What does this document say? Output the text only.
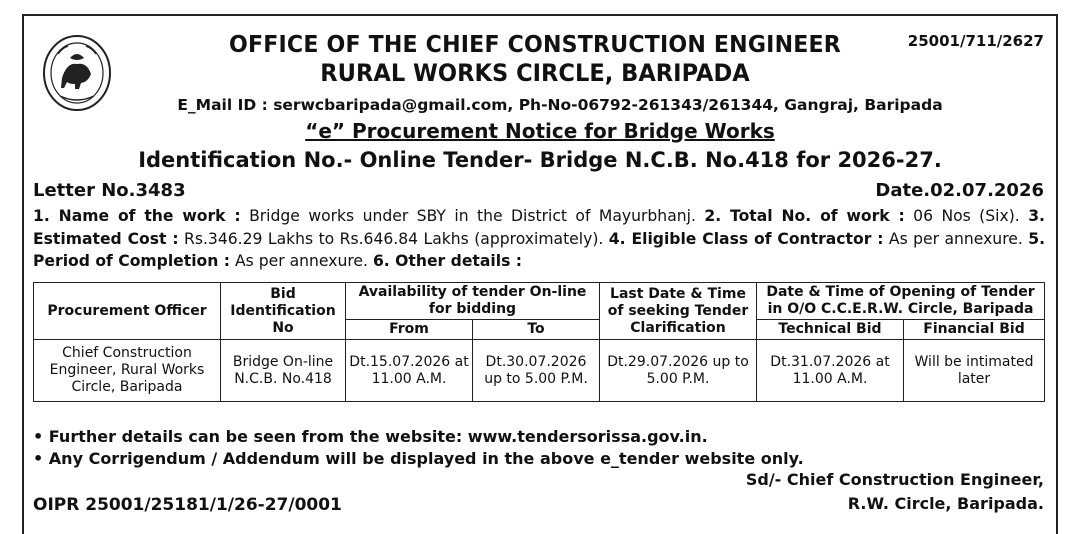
25001/711/2627
OFFICE OF THE CHIEF CONSTRUCTION ENGINEER
RURAL WORKS CIRCLE, BARIPADA
E_Mail ID : serwcbaripada@gmail.com, Ph-No-06792-261343/261344, Gangraj, Baripada
“e” Procurement Notice for Bridge Works
Identification No.- Online Tender- Bridge N.C.B. No.418 for 2026-27.
Letter No.3483	Date.02.07.2026
1. Name of the work : Bridge works under SBY in the District of Mayurbhanj. 2. Total No. of work : 06 Nos (Six). 3. Estimated Cost : Rs.346.29 Lakhs to Rs.646.84 Lakhs (approximately). 4. Eligible Class of Contractor : As per annexure. 5. Period of Completion : As per annexure. 6. Other details :
Procurement Officer	Bid Identification No	Availability of tender On-line for bidding		Last Date & Time of seeking Tender Clarification	Date & Time of Opening of Tender in O/O C.C.E.R.W. Circle, Baripada	
		From	To		Technical Bid	Financial Bid
Chief Construction Engineer, Rural Works Circle, Baripada	Bridge On-line N.C.B. No.418	Dt.15.07.2026 at 11.00 A.M.	Dt.30.07.2026 up to 5.00 P.M.	Dt.29.07.2026 up to 5.00 P.M.	Dt.31.07.2026 at 11.00 A.M.	Will be intimated later
• Further details can be seen from the website: www.tendersorissa.gov.in.
• Any Corrigendum / Addendum will be displayed in the above e_tender website only.
Sd/- Chief Construction Engineer,
OIPR 25001/25181/1/26-27/0001	R.W. Circle, Baripada.
